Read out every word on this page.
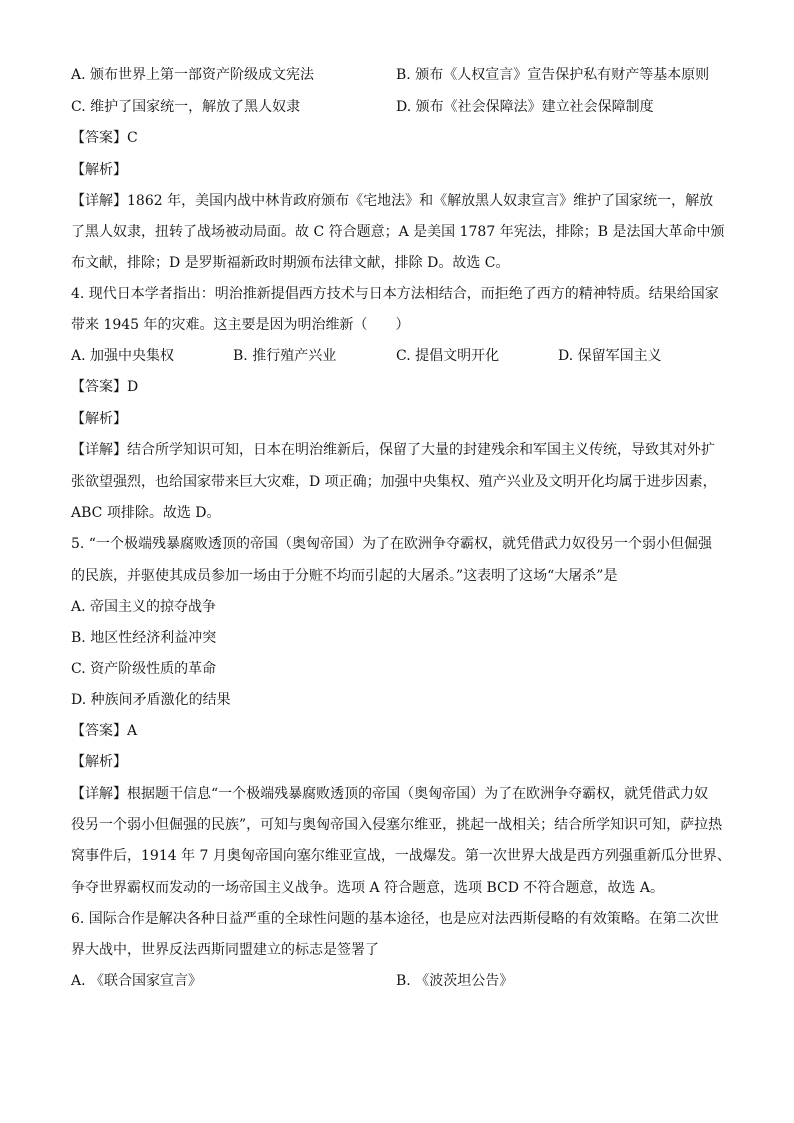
A. 颁布世界上第一部资产阶级成文宪法	B. 颁布《人权宣言》宣告保护私有财产等基本原则
C. 维护了国家统一，解放了黑人奴隶	D. 颁布《社会保障法》建立社会保障制度
【答案】C
【解析】
【详解】1862 年，美国内战中林肯政府颁布《宅地法》和《解放黑人奴隶宣言》维护了国家统一，解放
了黑人奴隶，扭转了战场被动局面。故 C 符合题意；A 是美国 1787 年宪法，排除；B 是法国大革命中颁
布文献，排除；D 是罗斯福新政时期颁布法律文献，排除 D。故选 C。
4. 现代日本学者指出：明治推新提倡西方技术与日本方法相结合，而拒绝了西方的精神特质。结果给国家
带来 1945 年的灾难。这主要是因为明治维新（　　）
A. 加强中央集权	B. 推行殖产兴业	C. 提倡文明开化	D. 保留军国主义
【答案】D
【解析】
【详解】结合所学知识可知，日本在明治维新后，保留了大量的封建残余和军国主义传统，导致其对外扩
张欲望强烈，也给国家带来巨大灾难，D 项正确；加强中央集权、殖产兴业及文明开化均属于进步因素，
ABC 项排除。故选 D。
5. “一个极端残暴腐败透顶的帝国（奥匈帝国）为了在欧洲争夺霸权，就凭借武力奴役另一个弱小但倔强
的民族，并驱使其成员参加一场由于分赃不均而引起的大屠杀。”这表明了这场“大屠杀”是
A. 帝国主义的掠夺战争
B. 地区性经济利益冲突
C. 资产阶级性质的革命
D. 种族间矛盾激化的结果
【答案】A
【解析】
【详解】根据题干信息“一个极端残暴腐败透顶的帝国（奥匈帝国）为了在欧洲争夺霸权，就凭借武力奴
役另一个弱小但倔强的民族”，可知与奥匈帝国入侵塞尔维亚，挑起一战相关；结合所学知识可知，萨拉热
窝事件后，1914 年 7 月奥匈帝国向塞尔维亚宣战，一战爆发。第一次世界大战是西方列强重新瓜分世界、
争夺世界霸权而发动的一场帝国主义战争。选项 A 符合题意，选项 BCD 不符合题意，故选 A。
6. 国际合作是解决各种日益严重的全球性问题的基本途径，也是应对法西斯侵略的有效策略。在第二次世
界大战中，世界反法西斯同盟建立的标志是签署了
A. 《联合国家宣言》	B. 《波茨坦公告》
